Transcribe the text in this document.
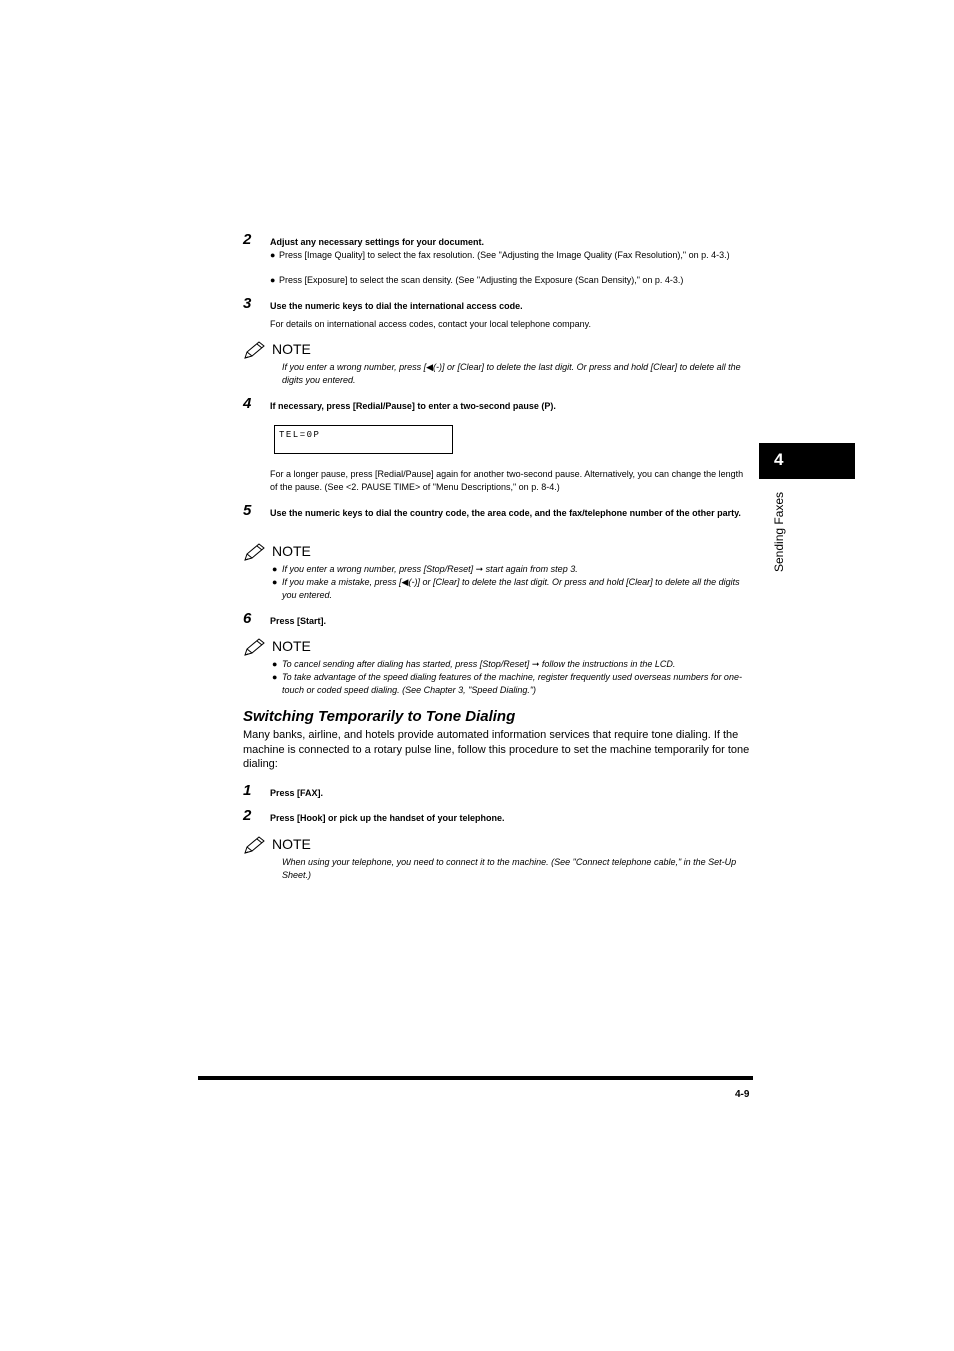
2 Adjust any necessary settings for your document.
● Press [Image Quality] to select the fax resolution. (See "Adjusting the Image Quality (Fax Resolution)," on p. 4-3.)
● Press [Exposure] to select the scan density. (See "Adjusting the Exposure (Scan Density)," on p. 4-3.)
3 Use the numeric keys to dial the international access code.
For details on international access codes, contact your local telephone company.
NOTE
If you enter a wrong number, press [◀(-)] or [Clear] to delete the last digit. Or press and hold [Clear] to delete all the digits you entered.
4 If necessary, press [Redial/Pause] to enter a two-second pause (P).
TEL=0P
For a longer pause, press [Redial/Pause] again for another two-second pause. Alternatively, you can change the length of the pause. (See <2. PAUSE TIME> of "Menu Descriptions," on p. 8-4.)
5 Use the numeric keys to dial the country code, the area code, and the fax/telephone number of the other party.
NOTE
● If you enter a wrong number, press [Stop/Reset] ➞ start again from step 3.
● If you make a mistake, press [◀(-)] or [Clear] to delete the last digit. Or press and hold [Clear] to delete all the digits you entered.
6 Press [Start].
NOTE
● To cancel sending after dialing has started, press [Stop/Reset] ➞ follow the instructions in the LCD.
● To take advantage of the speed dialing features of the machine, register frequently used overseas numbers for one-touch or coded speed dialing. (See Chapter 3, "Speed Dialing.")
Switching Temporarily to Tone Dialing
Many banks, airline, and hotels provide automated information services that require tone dialing. If the machine is connected to a rotary pulse line, follow this procedure to set the machine temporarily for tone dialing:
1 Press [FAX].
2 Press [Hook] or pick up the handset of your telephone.
NOTE
When using your telephone, you need to connect it to the machine. (See "Connect telephone cable," in the Set-Up Sheet.)
4
Sending Faxes
4-9
